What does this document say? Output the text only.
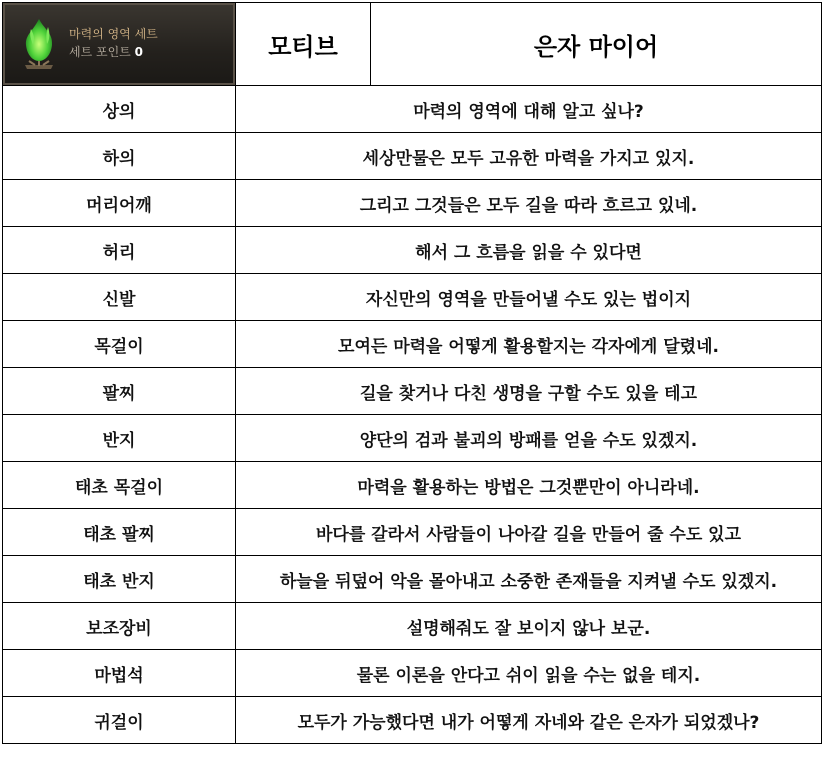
마력의 영역 세트
세트 포인트 0	모티브	은자 마이어
상의	마력의 영역에 대해 알고 싶나?	
하의	세상만물은 모두 고유한 마력을 가지고 있지.	
머리어깨	그리고 그것들은 모두 길을 따라 흐르고 있네.	
허리	해서 그 흐름을 읽을 수 있다면	
신발	자신만의 영역을 만들어낼 수도 있는 법이지	
목걸이	모여든 마력을 어떻게 활용할지는 각자에게 달렸네.	
팔찌	길을 찾거나 다친 생명을 구할 수도 있을 테고	
반지	양단의 검과 불괴의 방패를 얻을 수도 있겠지.	
태초 목걸이	마력을 활용하는 방법은 그것뿐만이 아니라네.	
태초 팔찌	바다를 갈라서 사람들이 나아갈 길을 만들어 줄 수도 있고	
태초 반지	하늘을 뒤덮어 악을 몰아내고 소중한 존재들을 지켜낼 수도 있겠지.	
보조장비	설명해줘도 잘 보이지 않나 보군.	
마법석	물론 이론을 안다고 쉬이 읽을 수는 없을 테지.	
귀걸이	모두가 가능했다면 내가 어떻게 자네와 같은 은자가 되었겠나?	
